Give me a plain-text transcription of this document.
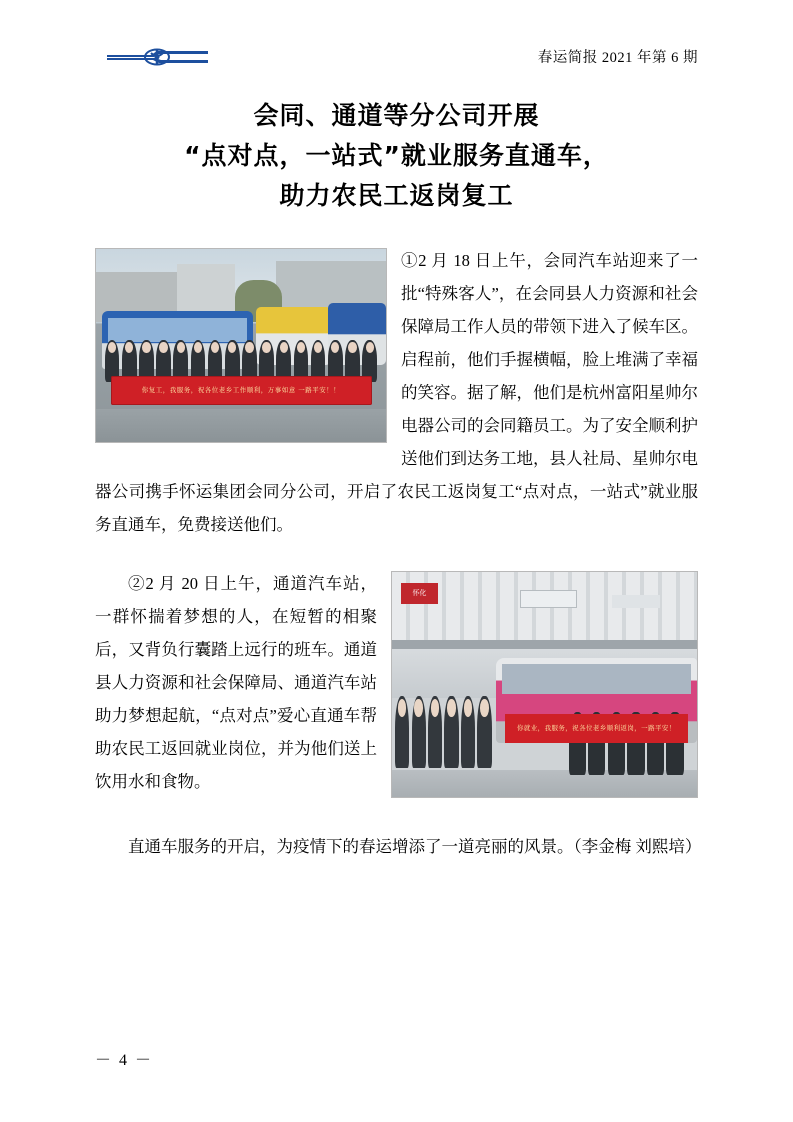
春运简报 2021 年第 6 期
会同、通道等分公司开展
“点对点，一站式”就业服务直通车，
助力农民工返岗复工
你复工，我服务，祝各位老乡工作顺利，万事如意 一路平安！！

①2 月 18 日上午，会同汽车站迎来了一批“特殊客人”，在会同县人力资源和社会保障局工作人员的带领下进入了候车区。启程前，他们手握横幅，脸上堆满了幸福的笑容。据了解，他们是杭州富阳星帅尔电器公司的会同籍员工。为了安全顺利护送他们到达务工地，县人社局、星帅尔电器公司携手怀运集团会同分公司，开启了农民工返岗复工“点对点，一站式”就业服务直通车，免费接送他们。

怀化
你就业，我服务，祝各位老乡顺利返岗，一路平安！

②2 月 20 日上午，通道汽车站，一群怀揣着梦想的人，在短暂的相聚后，又背负行囊踏上远行的班车。通道县人力资源和社会保障局、通道汽车站助力梦想起航，“点对点”爱心直通车帮助农民工返回就业岗位，并为他们送上饮用水和食物。

直通车服务的开启，为疫情下的春运增添了一道亮丽的风景。（李金梅 刘熙培）

－ 4 －
